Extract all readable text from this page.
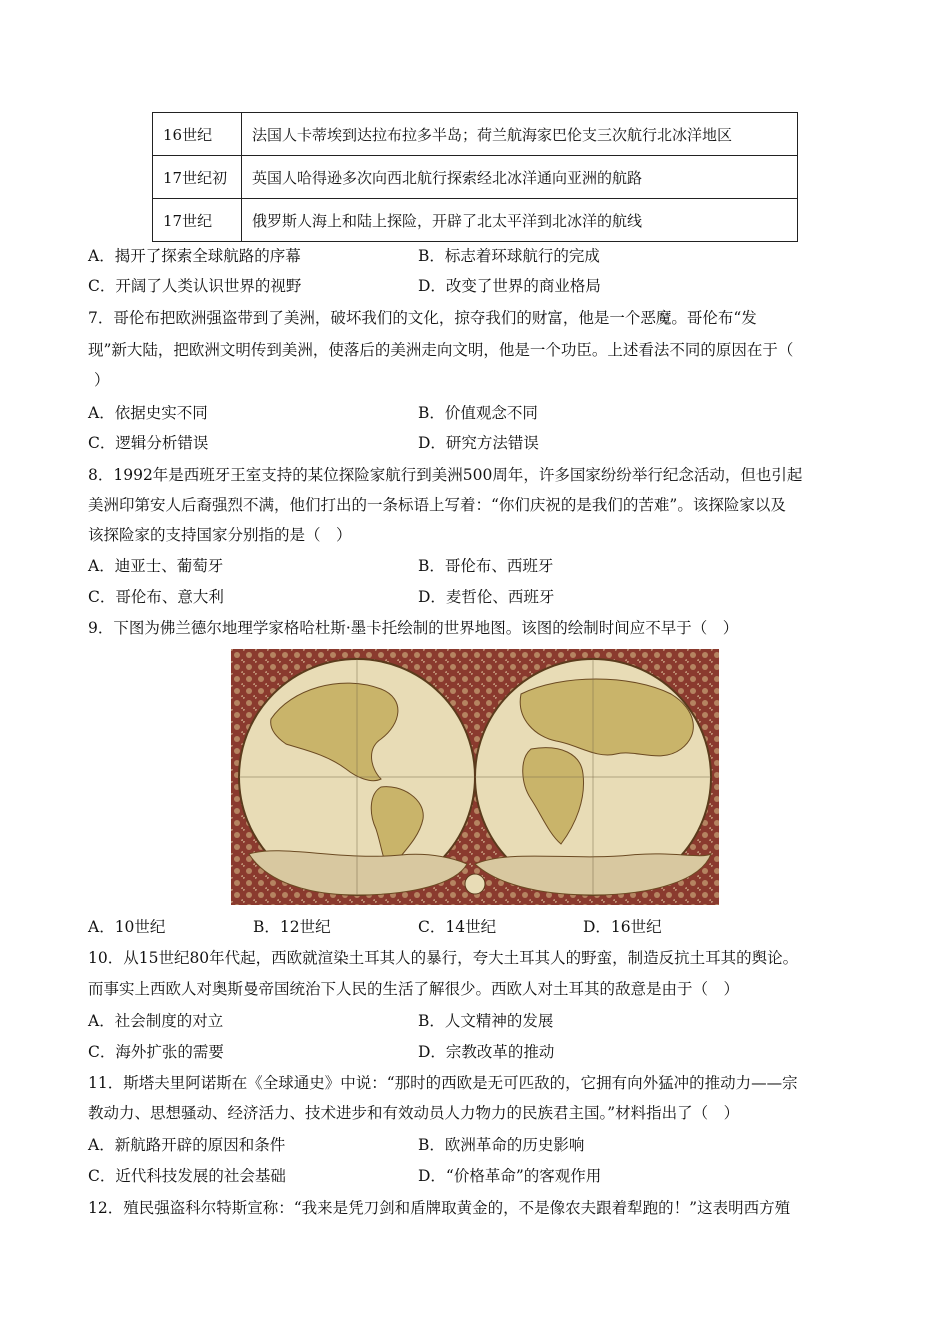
16世纪	法国人卡蒂埃到达拉布拉多半岛；荷兰航海家巴伦支三次航行北冰洋地区
17世纪初	英国人哈得逊多次向西北航行探索经北冰洋通向亚洲的航路
17世纪	俄罗斯人海上和陆上探险，开辟了北太平洋到北冰洋的航线
A．揭开了探索全球航路的序幕	B．标志着环球航行的完成
C．开阔了人类认识世界的视野	D．改变了世界的商业格局
7．哥伦布把欧洲强盗带到了美洲，破坏我们的文化，掠夺我们的财富，他是一个恶魔。哥伦布“发
现”新大陆，把欧洲文明传到美洲，使落后的美洲走向文明，他是一个功臣。上述看法不同的原因在于（
）
A．依据史实不同	B．价值观念不同
C．逻辑分析错误	D．研究方法错误
8．1992年是西班牙王室支持的某位探险家航行到美洲500周年，许多国家纷纷举行纪念活动，但也引起
美洲印第安人后裔强烈不满，他们打出的一条标语上写着：“你们庆祝的是我们的苦难”。该探险家以及
该探险家的支持国家分别指的是（　）
A．迪亚士、葡萄牙	B．哥伦布、西班牙
C．哥伦布、意大利	D．麦哲伦、西班牙
9．下图为佛兰德尔地理学家格哈杜斯·墨卡托绘制的世界地图。该图的绘制时间应不早于（　）
A．10世纪	B．12世纪	C．14世纪	D．16世纪
10．从15世纪80年代起，西欧就渲染土耳其人的暴行，夸大土耳其人的野蛮，制造反抗土耳其的舆论。
而事实上西欧人对奥斯曼帝国统治下人民的生活了解很少。西欧人对土耳其的敌意是由于（　）
A．社会制度的对立	B．人文精神的发展
C．海外扩张的需要	D．宗教改革的推动
11．斯塔夫里阿诺斯在《全球通史》中说：“那时的西欧是无可匹敌的，它拥有向外猛冲的推动力——宗
教动力、思想骚动、经济活力、技术进步和有效动员人力物力的民族君主国。”材料指出了（　）
A．新航路开辟的原因和条件	B．欧洲革命的历史影响
C．近代科技发展的社会基础	D．“价格革命”的客观作用
12．殖民强盗科尔特斯宣称：“我来是凭刀剑和盾牌取黄金的，不是像农夫跟着犁跑的！”这表明西方殖
